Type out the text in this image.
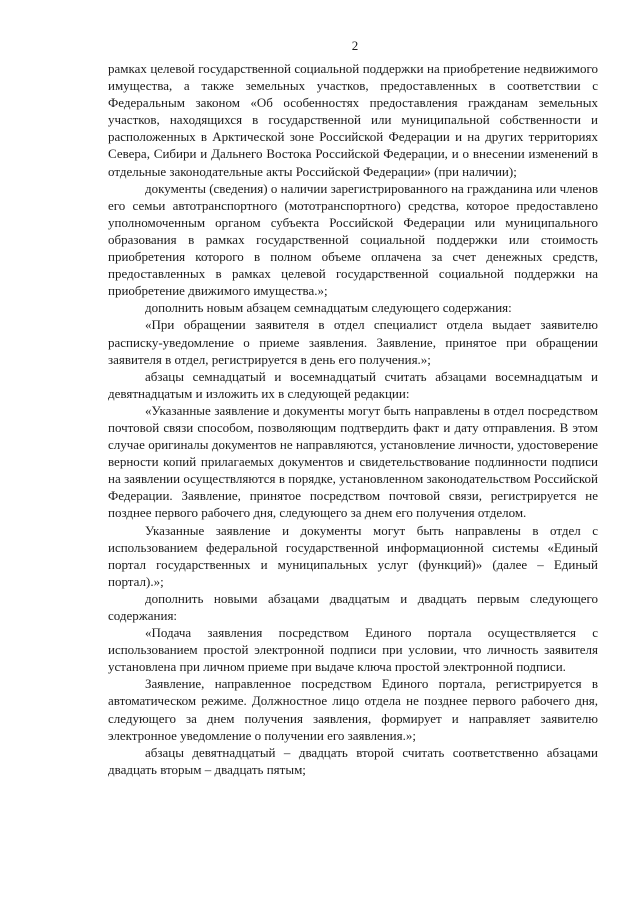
2

рамках целевой государственной социальной поддержки на приобретение недвижимого имущества, а также земельных участков, предоставленных в соответствии с Федеральным законом «Об особенностях предоставления гражданам земельных участков, находящихся в государственной или муниципальной собственности и расположенных в Арктической зоне Российской Федерации и на других территориях Севера, Сибири и Дальнего Востока Российской Федерации, и о внесении изменений в отдельные законодательные акты Российской Федерации» (при наличии);

документы (сведения) о наличии зарегистрированного на гражданина или членов его семьи автотранспортного (мототранспортного) средства, которое предоставлено уполномоченным органом субъекта Российской Федерации или муниципального образования в рамках государственной социальной поддержки или стоимость приобретения которого в полном объеме оплачена за счет денежных средств, предоставленных в рамках целевой государственной социальной поддержки на приобретение движимого имущества.»;

дополнить новым абзацем семнадцатым следующего содержания:

«При обращении заявителя в отдел специалист отдела выдает заявителю расписку-уведомление о приеме заявления. Заявление, принятое при обращении заявителя в отдел, регистрируется в день его получения.»;

абзацы семнадцатый и восемнадцатый считать абзацами восемнадцатым и девятнадцатым и изложить их в следующей редакции:

«Указанные заявление и документы могут быть направлены в отдел посредством почтовой связи способом, позволяющим подтвердить факт и дату отправления. В этом случае оригиналы документов не направляются, установление личности, удостоверение верности копий прилагаемых документов и свидетельствование подлинности подписи на заявлении осуществляются в порядке, установленном законодательством Российской Федерации. Заявление, принятое посредством почтовой связи, регистрируется не позднее первого рабочего дня, следующего за днем его получения отделом.

Указанные заявление и документы могут быть направлены в отдел с использованием федеральной государственной информационной системы «Единый портал государственных и муниципальных услуг (функций)» (далее – Единый портал).»;

дополнить новыми абзацами двадцатым и двадцать первым следующего содержания:

«Подача заявления посредством Единого портала осуществляется с использованием простой электронной подписи при условии, что личность заявителя установлена при личном приеме при выдаче ключа простой электронной подписи.

Заявление, направленное посредством Единого портала, регистрируется в автоматическом режиме. Должностное лицо отдела не позднее первого рабочего дня, следующего за днем получения заявления, формирует и направляет заявителю электронное уведомление о получении его заявления.»;

абзацы девятнадцатый – двадцать второй считать соответственно абзацами двадцать вторым – двадцать пятым;
